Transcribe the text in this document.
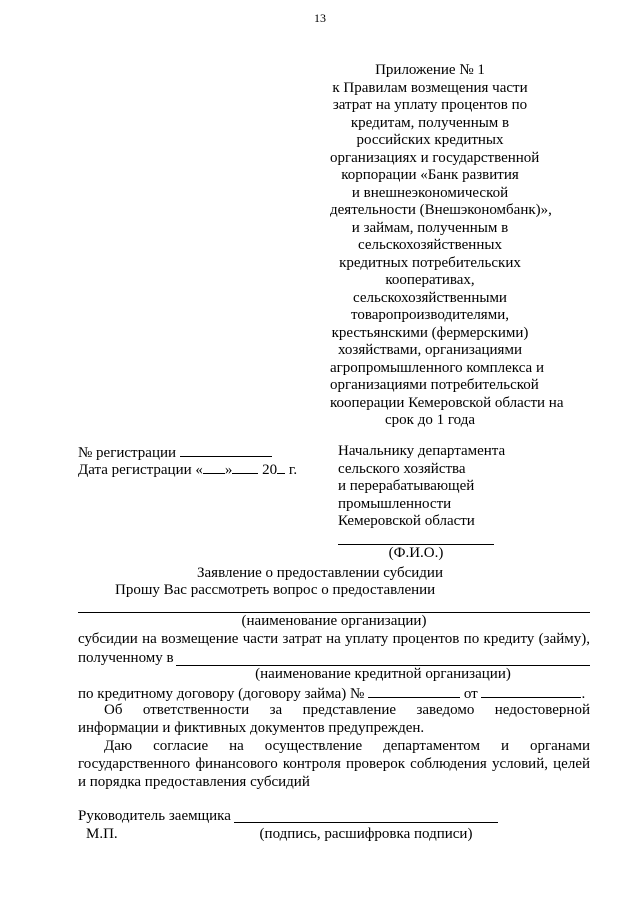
13
Приложение № 1
к Правилам возмещения части
затрат на уплату процентов по
кредитам, полученным в
российских кредитных
организациях и государственной
корпорации «Банк развития
и внешнеэкономической
деятельности (Внешэкономбанк)»,
и займам, полученным в
сельскохозяйственных
кредитных потребительских
кооперативах,
сельскохозяйственными
товаропроизводителями,
крестьянскими (фермерскими)
хозяйствами, организациями
агропромышленного комплекса и
организациями потребительской
кооперации Кемеровской области на
срок до 1 года
№ регистрации
Дата регистрации « » 20 г.
Начальнику департамента
сельского хозяйства
и перерабатывающей
промышленности
Кемеровской области
(Ф.И.О.)
Заявление о предоставлении субсидии
Прошу Вас рассмотреть вопрос о предоставлении
(наименование организации)
субсидии на возмещение части затрат на уплату процентов по кредиту (займу),
полученному в
(наименование кредитной организации)
по кредитному договору (договору займа) №	от	.
Об ответственности за представление заведомо недостоверной
информации и фиктивных документов предупрежден.
Даю согласие на осуществление департаментом и органами
государственного финансового контроля проверок соблюдения условий, целей
и порядка предоставления субсидий
Руководитель заемщика
М.П.	(подпись, расшифровка подписи)
